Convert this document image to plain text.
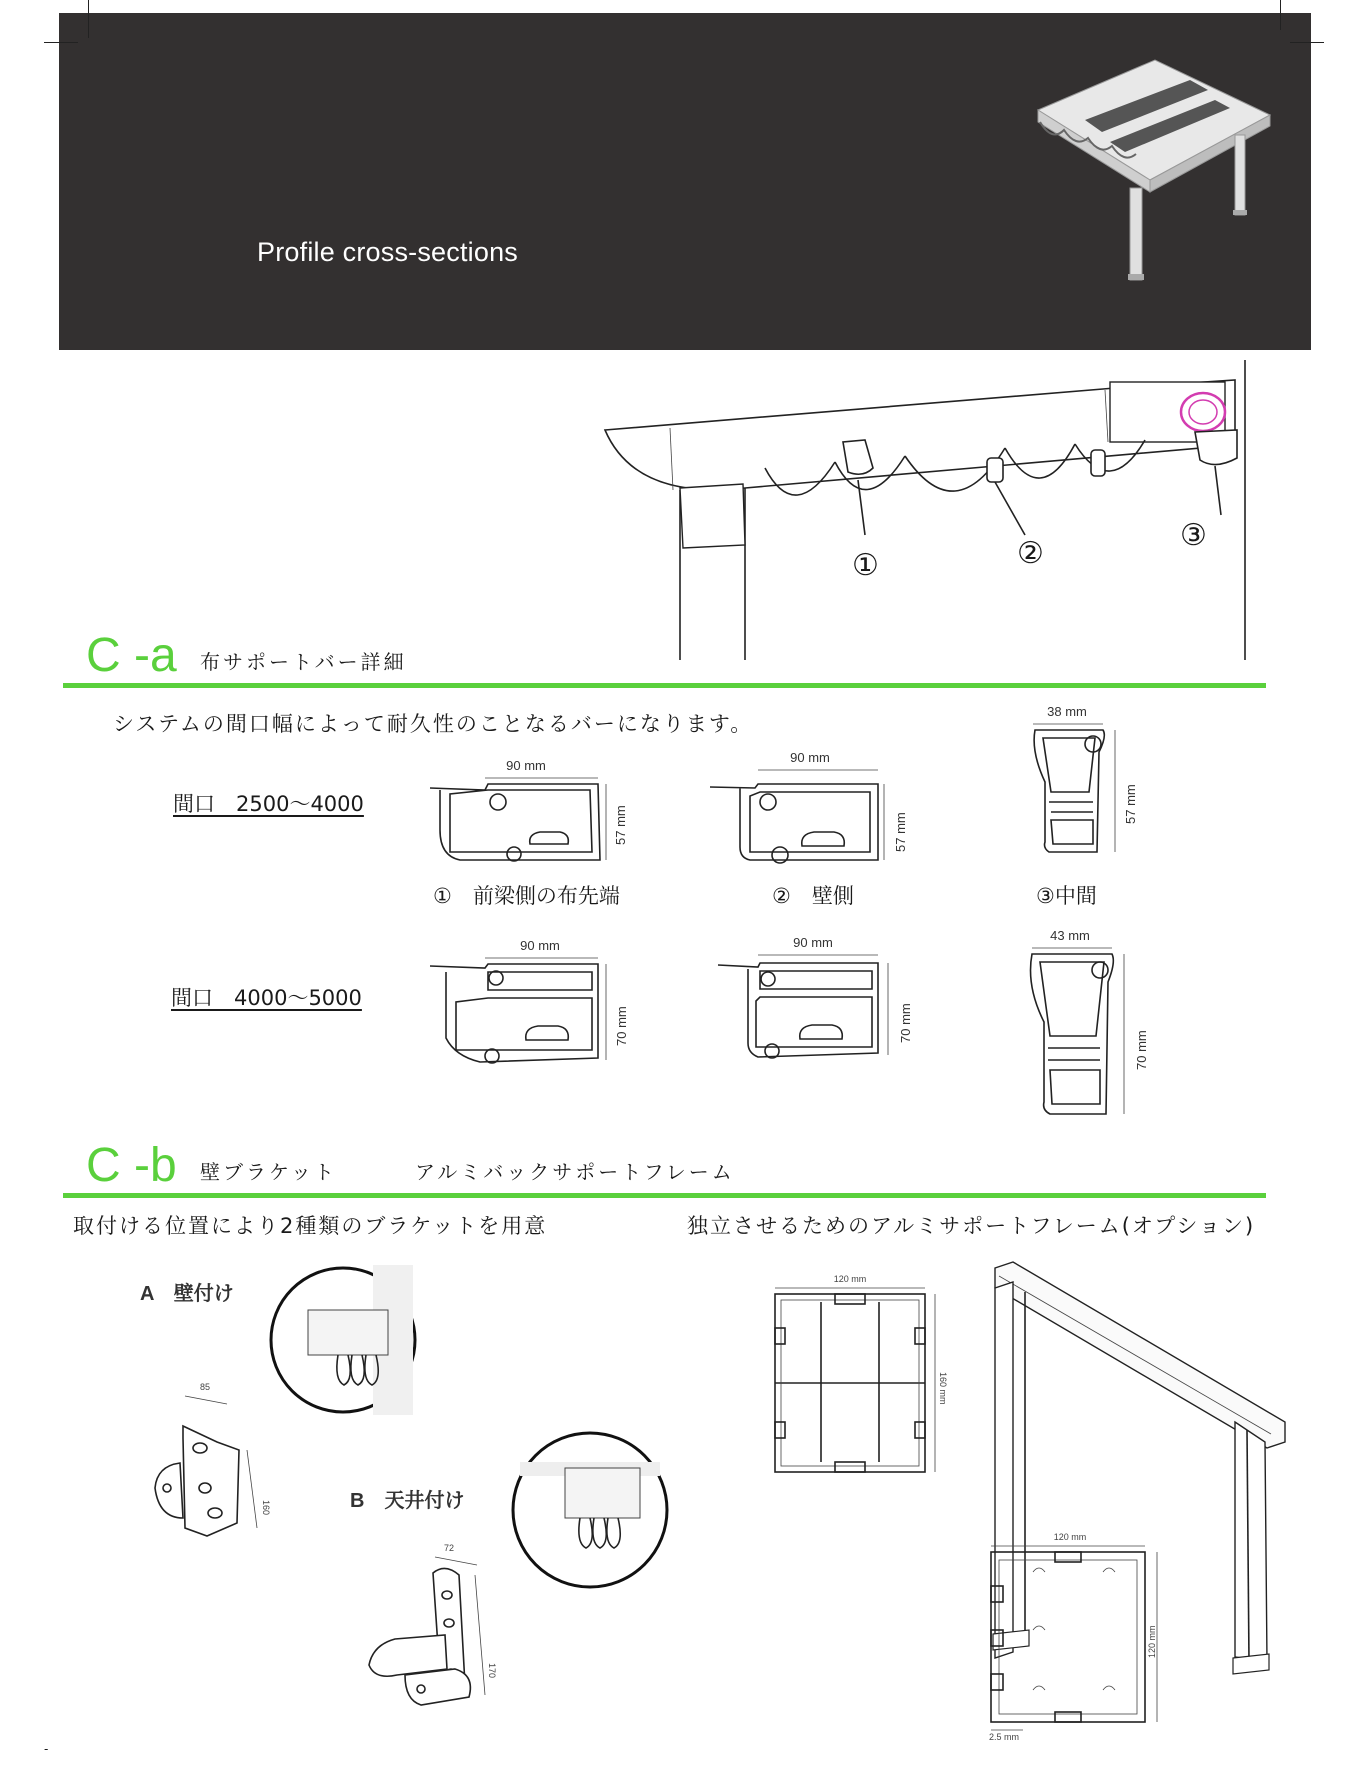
Profile cross-sections
①	②
③
C -a 布サポートバー詳細
システムの間口幅によって耐久性のことなるバーになります。
間口　2500～4000
間口　4000～5000
90 mm
57 mm
90 mm
57 mm
38 mm
57 mm
①　前梁側の布先端	②　壁側	③中間
90 mm
70 mm
90 mm
70 mm
43 mm
70 mm
C -b 壁ブラケット	アルミバックサポートフレーム
取付ける位置により2種類のブラケットを用意	独立させるためのアルミサポートフレーム(オプション)
A　壁付け
B　天井付け
85
160
72
170
120 mm
160 mm
120 mm
120 mm
2.5 mm
-
